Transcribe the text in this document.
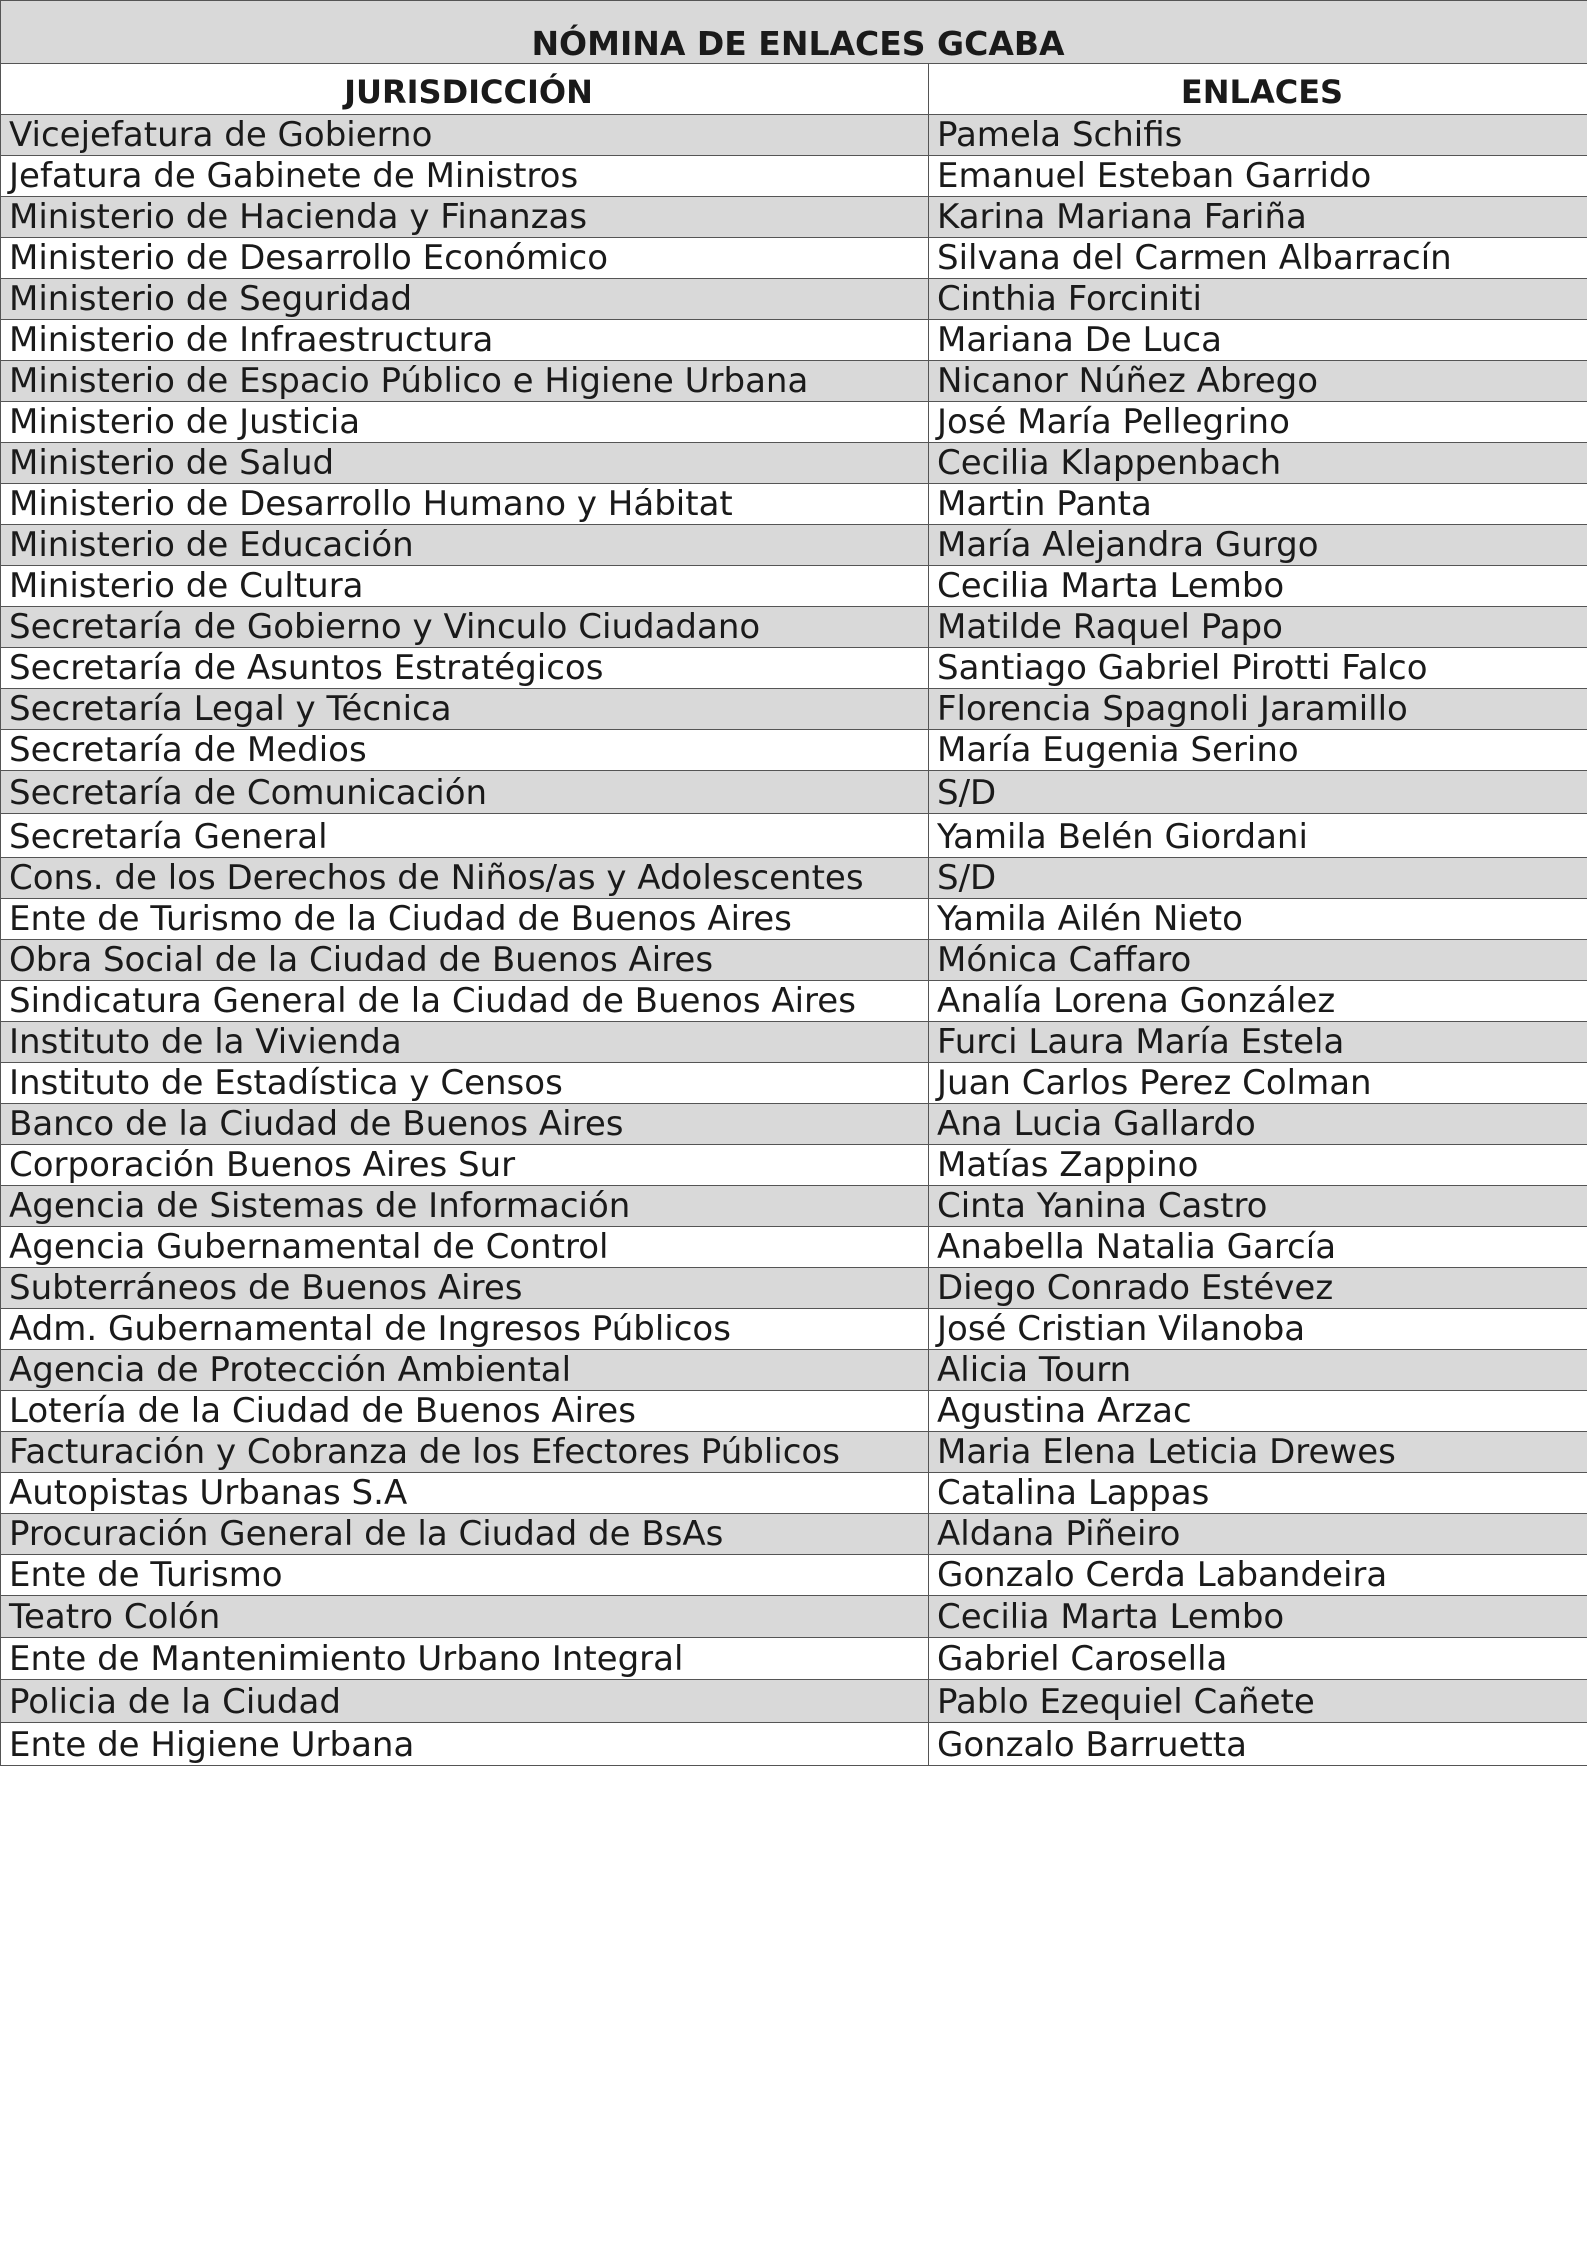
NÓMINA DE ENLACES GCABA	
JURISDICCIÓN	ENLACES
Vicejefatura de Gobierno	Pamela Schifis
Jefatura de Gabinete de Ministros	Emanuel Esteban Garrido
Ministerio de Hacienda y Finanzas	Karina Mariana Fariña
Ministerio de Desarrollo Económico	Silvana del Carmen Albarracín
Ministerio de Seguridad	Cinthia Forciniti
Ministerio de Infraestructura	Mariana De Luca
Ministerio de Espacio Público e Higiene Urbana	Nicanor Núñez Abrego
Ministerio de Justicia	José María Pellegrino
Ministerio de Salud	Cecilia Klappenbach
Ministerio de Desarrollo Humano y Hábitat	Martin Panta
Ministerio de Educación	María Alejandra Gurgo
Ministerio de Cultura	Cecilia Marta Lembo
Secretaría de Gobierno y Vinculo Ciudadano	Matilde Raquel Papo
Secretaría de Asuntos Estratégicos	Santiago Gabriel Pirotti Falco
Secretaría Legal y Técnica	Florencia Spagnoli Jaramillo
Secretaría de Medios	María Eugenia Serino
Secretaría de Comunicación	S/D
Secretaría General	Yamila Belén Giordani
Cons. de los Derechos de Niños/as y Adolescentes	S/D
Ente de Turismo de la Ciudad de Buenos Aires	Yamila Ailén Nieto
Obra Social de la Ciudad de Buenos Aires	Mónica Caffaro
Sindicatura General de la Ciudad de Buenos Aires	Analía Lorena González
Instituto de la Vivienda	Furci Laura María Estela
Instituto de Estadística y Censos	Juan Carlos Perez Colman
Banco de la Ciudad de Buenos Aires	Ana Lucia Gallardo
Corporación Buenos Aires Sur	Matías Zappino
Agencia de Sistemas de Información	Cinta Yanina Castro
Agencia Gubernamental de Control	Anabella Natalia García
Subterráneos de Buenos Aires	Diego Conrado Estévez
Adm. Gubernamental de Ingresos Públicos	José Cristian Vilanoba
Agencia de Protección Ambiental	Alicia Tourn
Lotería de la Ciudad de Buenos Aires	Agustina Arzac
Facturación y Cobranza de los Efectores Públicos	Maria Elena Leticia Drewes
Autopistas Urbanas S.A	Catalina Lappas
Procuración General de la Ciudad de BsAs	Aldana Piñeiro
Ente de Turismo	Gonzalo Cerda Labandeira
Teatro Colón	Cecilia Marta Lembo
Ente de Mantenimiento Urbano Integral	Gabriel Carosella
Policia de la Ciudad	Pablo Ezequiel Cañete
Ente de Higiene Urbana	Gonzalo Barruetta
